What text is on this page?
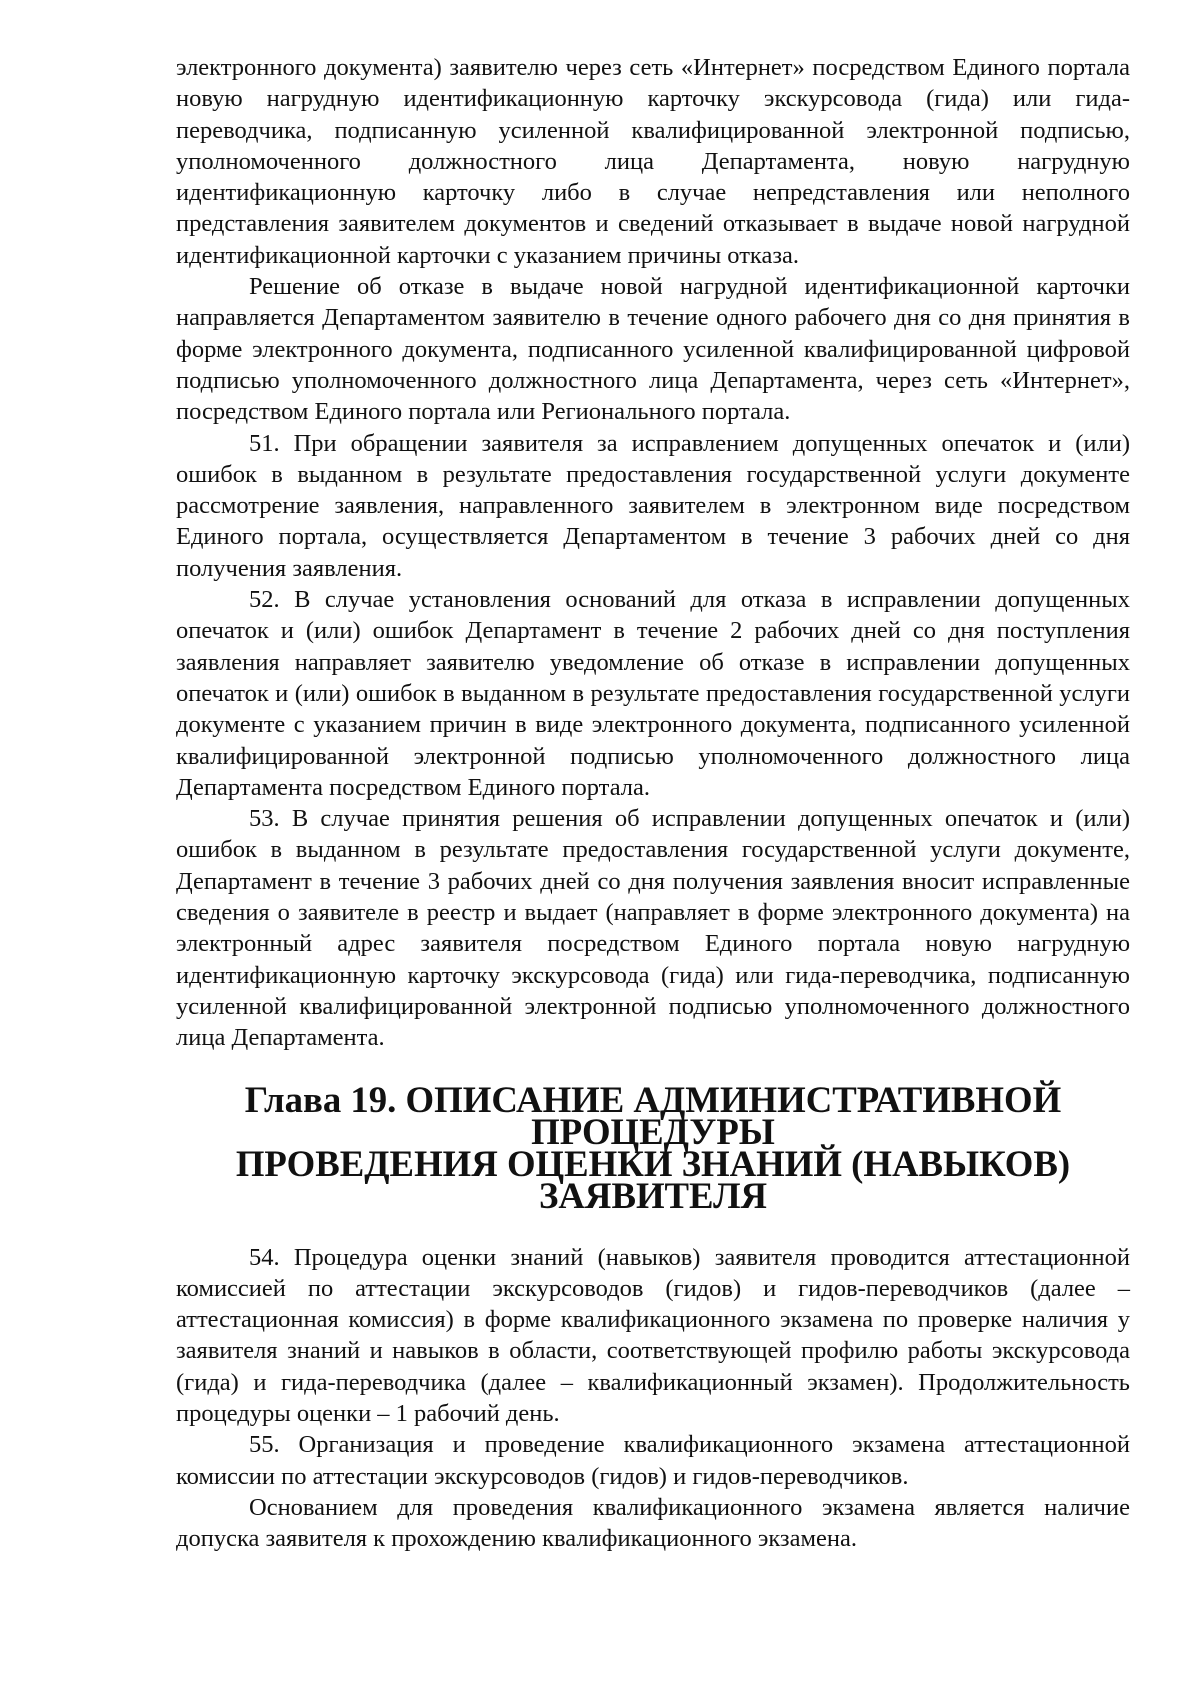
электронного документа) заявителю через сеть «Интернет» посредством Единого портала новую нагрудную идентификационную карточку экскурсовода (гида) или гида-переводчика, подписанную усиленной квалифицированной электронной подписью, уполномоченного должностного лица Департамента, новую нагрудную идентификационную карточку либо в случае непредставления или неполного представления заявителем документов и сведений отказывает в выдаче новой нагрудной идентификационной карточки с указанием причины отказа.

Решение об отказе в выдаче новой нагрудной идентификационной карточки направляется Департаментом заявителю в течение одного рабочего дня со дня принятия в форме электронного документа, подписанного усиленной квалифицированной цифровой подписью уполномоченного должностного лица Департамента, через сеть «Интернет», посредством Единого портала или Регионального портала.

51. При обращении заявителя за исправлением допущенных опечаток и (или) ошибок в выданном в результате предоставления государственной услуги документе рассмотрение заявления, направленного заявителем в электронном виде посредством Единого портала, осуществляется Департаментом в течение 3 рабочих дней со дня получения заявления.

52. В случае установления оснований для отказа в исправлении допущенных опечаток и (или) ошибок Департамент в течение 2 рабочих дней со дня поступления заявления направляет заявителю уведомление об отказе в исправлении допущенных опечаток и (или) ошибок в выданном в результате предоставления государственной услуги документе с указанием причин в виде электронного документа, подписанного усиленной квалифицированной электронной подписью уполномоченного должностного лица Департамента посредством Единого портала.

53. В случае принятия решения об исправлении допущенных опечаток и (или) ошибок в выданном в результате предоставления государственной услуги документе, Департамент в течение 3 рабочих дней со дня получения заявления вносит исправленные сведения о заявителе в реестр и выдает (направляет в форме электронного документа) на электронный адрес заявителя посредством Единого портала новую нагрудную идентификационную карточку экскурсовода (гида) или гида-переводчика, подписанную усиленной квалифицированной электронной подписью уполномоченного должностного лица Департамента.

Глава 19. ОПИСАНИЕ АДМИНИСТРАТИВНОЙ ПРОЦЕДУРЫ
ПРОВЕДЕНИЯ ОЦЕНКИ ЗНАНИЙ (НАВЫКОВ) ЗАЯВИТЕЛЯ

54. Процедура оценки знаний (навыков) заявителя проводится аттестационной комиссией по аттестации экскурсоводов (гидов) и гидов-переводчиков (далее – аттестационная комиссия) в форме квалификационного экзамена по проверке наличия у заявителя знаний и навыков в области, соответствующей профилю работы экскурсовода (гида) и гида-переводчика (далее – квалификационный экзамен). Продолжительность процедуры оценки – 1 рабочий день.

55. Организация и проведение квалификационного экзамена аттестационной комиссии по аттестации экскурсоводов (гидов) и гидов-переводчиков.

Основанием для проведения квалификационного экзамена является наличие допуска заявителя к прохождению квалификационного экзамена.
